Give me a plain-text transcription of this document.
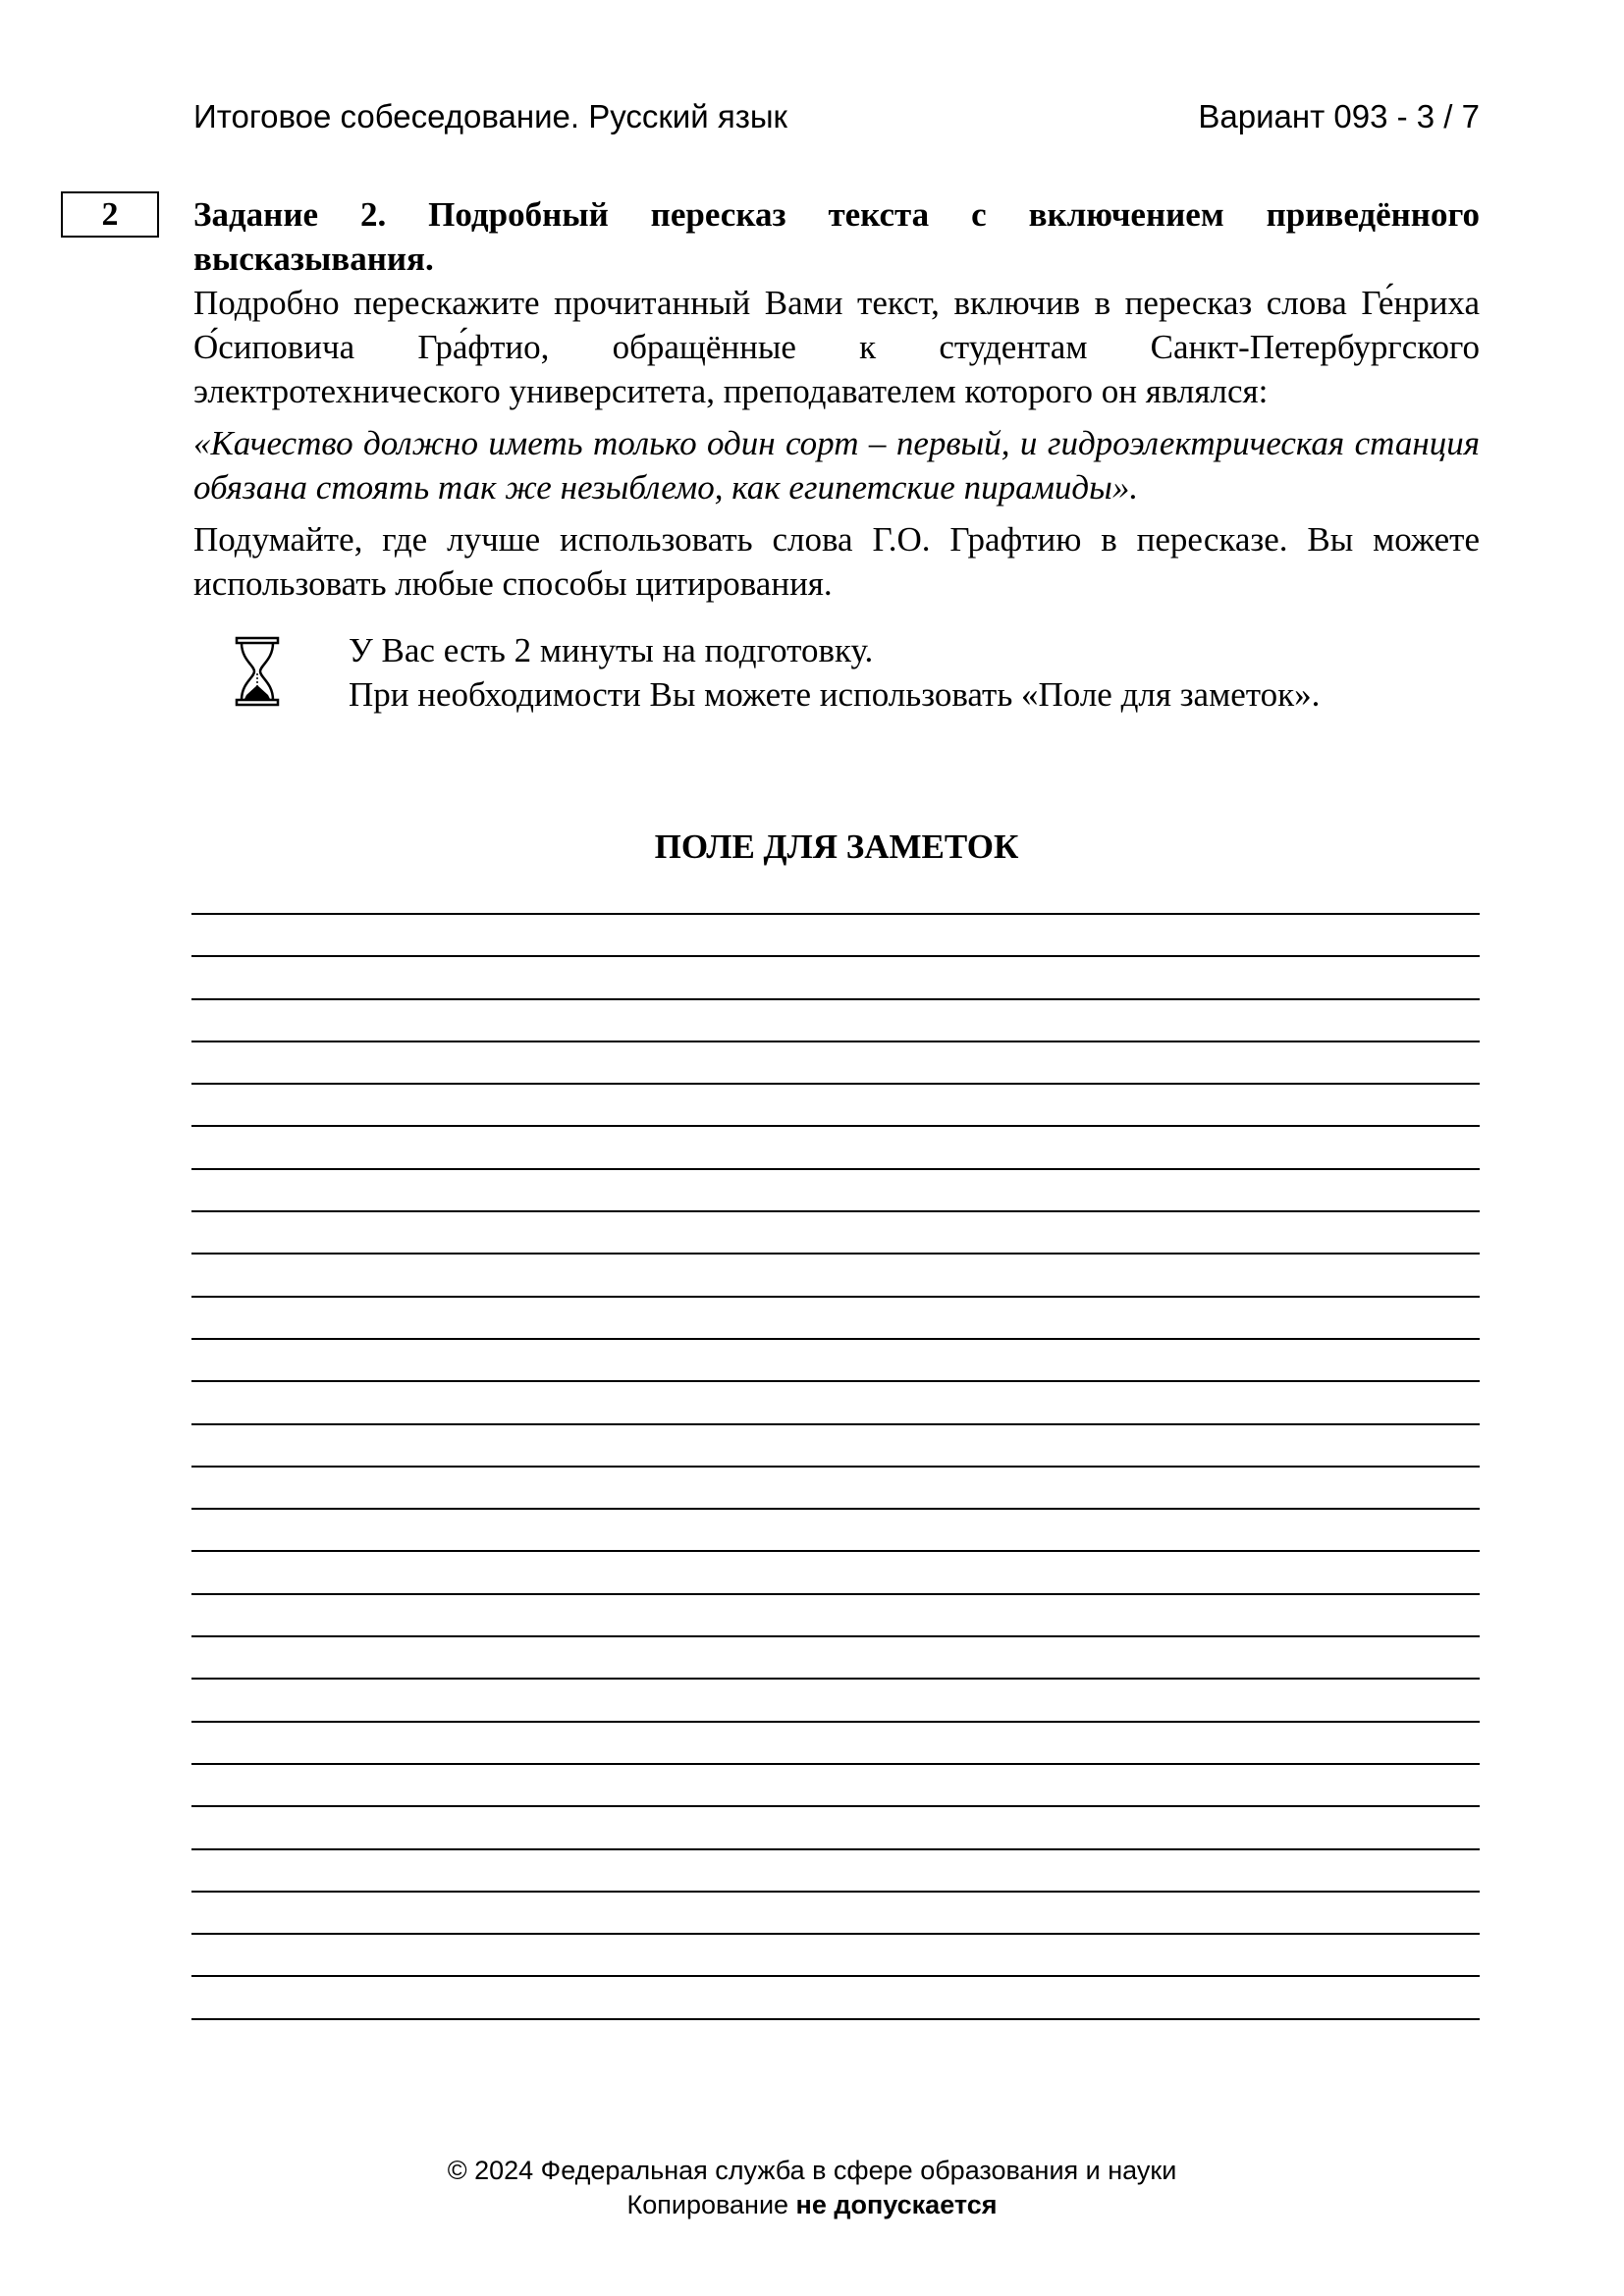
Итоговое собеседование. Русский язык	Вариант 093 - 3 / 7
2 Задание 2. Подробный пересказ текста с включением приведённого высказывания.

Подробно перескажите прочитанный Вами текст, включив в пересказ слова Ге́нриха О́сиповича Гра́фтио, обращённые к студентам Санкт-Петербургского электротехнического университета, преподавателем которого он являлся:

«Качество должно иметь только один сорт – первый, и гидроэлектрическая станция обязана стоять так же незыблемо, как египетские пирамиды».

Подумайте, где лучше использовать слова Г.О. Графтию в пересказе. Вы можете использовать любые способы цитирования.

У Вас есть 2 минуты на подготовку.
При необходимости Вы можете использовать «Поле для заметок».
ПОЛЕ ДЛЯ ЗАМЕТОК
© 2024 Федеральная служба в сфере образования и науки
Копирование не допускается
